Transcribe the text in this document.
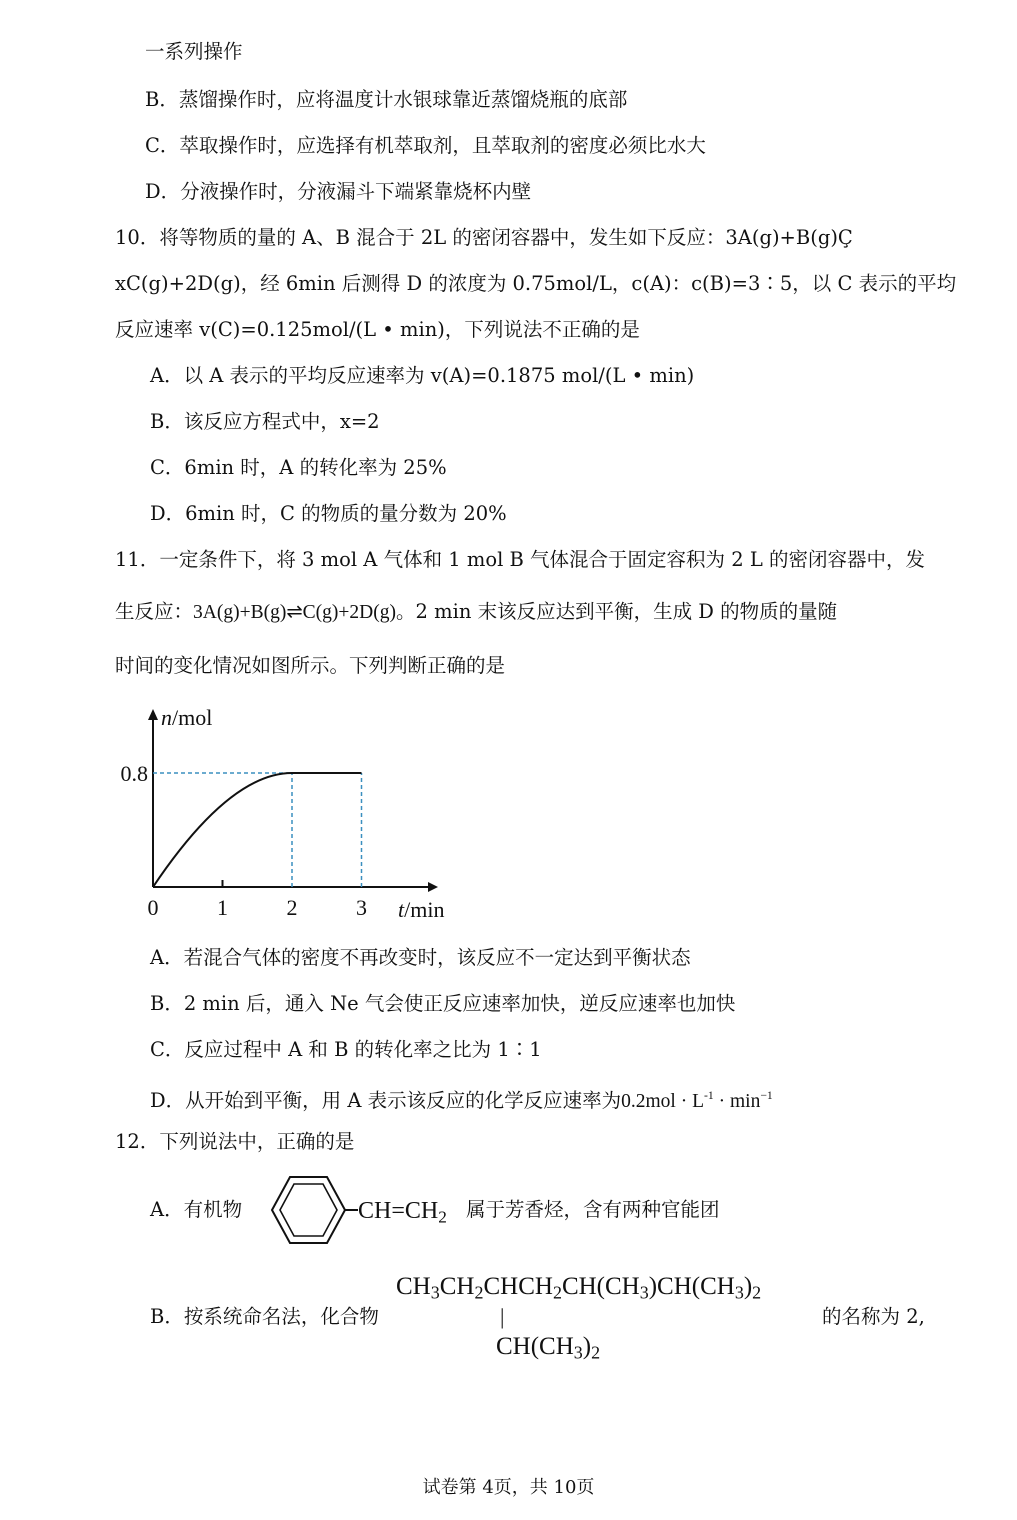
一系列操作
B．蒸馏操作时，应将温度计水银球靠近蒸馏烧瓶的底部
C．萃取操作时，应选择有机萃取剂，且萃取剂的密度必须比水大
D．分液操作时，分液漏斗下端紧靠烧杯内壁
10．将等物质的量的 A、B 混合于 2L 的密闭容器中，发生如下反应：3A(g)+B(g)Ç
xC(g)+2D(g)，经 6min 后测得 D 的浓度为 0.75mol/L，c(A)：c(B)=3∶5，以 C 表示的平均
反应速率 v(C)=0.125mol/(L • min)，下列说法不正确的是
A．以 A 表示的平均反应速率为 v(A)=0.1875 mol/(L • min)
B．该反应方程式中，x=2
C．6min 时，A 的转化率为 25%
D．6min 时，C 的物质的量分数为 20%
11．一定条件下，将 3 mol A 气体和 1 mol B 气体混合于固定容积为 2 L 的密闭容器中，发
生反应：3A(g)+B(g)⇌C(g)+2D(g)。2 min 末该反应达到平衡，生成 D 的物质的量随
时间的变化情况如图所示。下列判断正确的是
0	1	2	3
0.8
n/mol
t/min
A．若混合气体的密度不再改变时，该反应不一定达到平衡状态
B．2 min 后，通入 Ne 气会使正反应速率加快，逆反应速率也加快
C．反应过程中 A 和 B 的转化率之比为 1∶1
D．从开始到平衡，用 A 表示该反应的化学反应速率为$0.2mol \cdot L^{-1} \cdot \min^{-1}$
12．下列说法中，正确的是
A．有机物	$CH=CH_2$ 属于芳香烃，含有两种官能团
B．按系统命名法，化合物
$CH_3CH_2CHCH_2CH(CH_3)CH(CH_3)_2$
|
$CH(CH_3)_2$
的名称为 2,
试卷第 4页，共 10页
